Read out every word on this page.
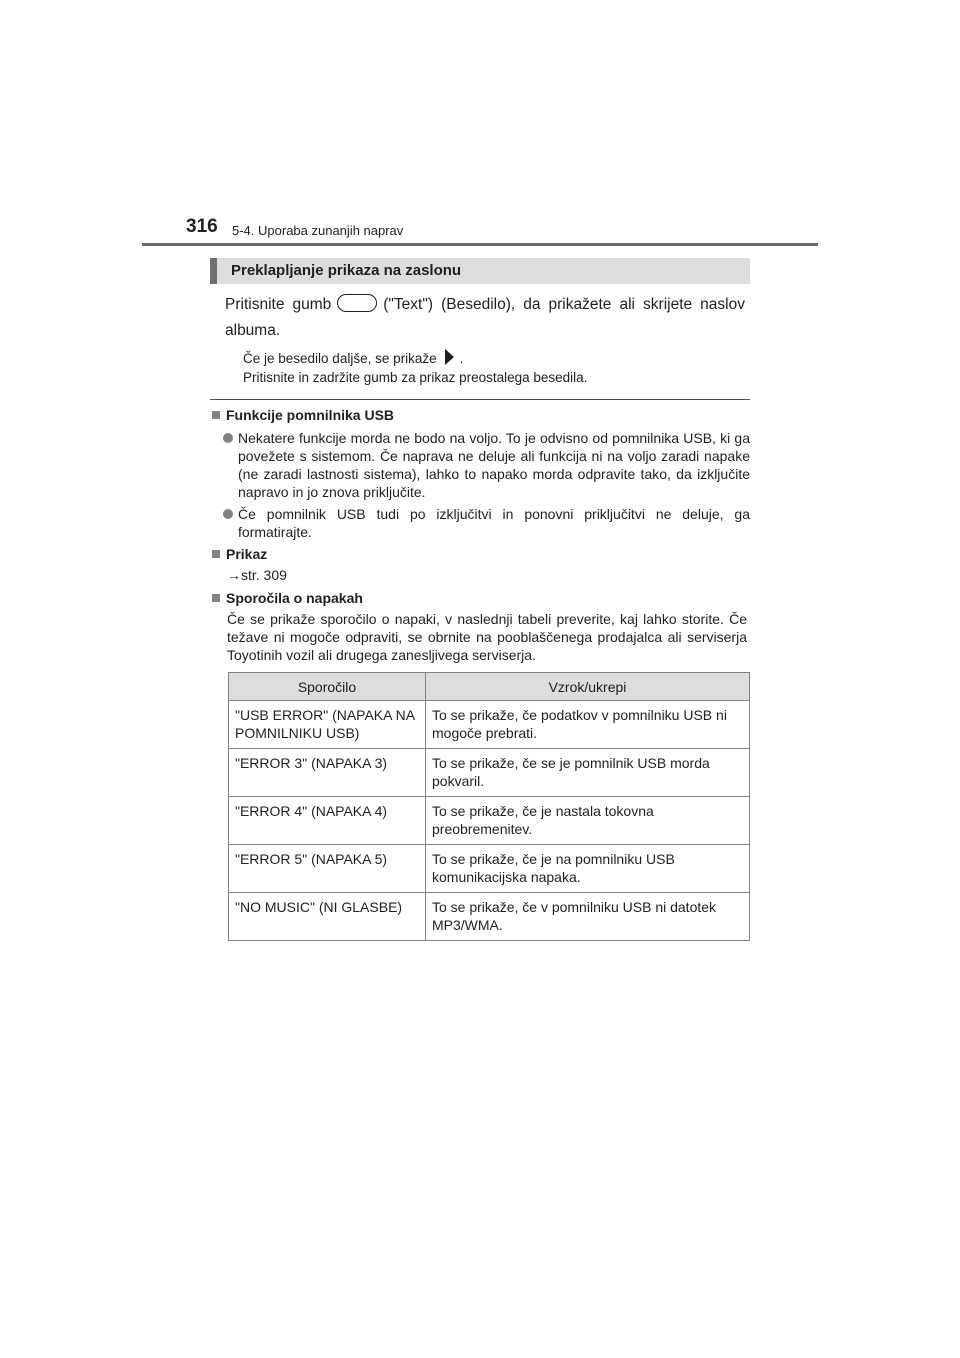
316 5-4. Uporaba zunanjih naprav
Preklapljanje prikaza na zaslonu
Pritisnite gumb	("Text") (Besedilo), da prikažete ali skrijete naslov albuma.
Če je besedilo daljše, se prikaže .
Pritisnite in zadržite gumb za prikaz preostalega besedila.
Funkcije pomnilnika USB
Nekatere funkcije morda ne bodo na voljo. To je odvisno od pomnilnika USB, ki ga povežete s sistemom. Če naprava ne deluje ali funkcija ni na voljo zaradi napake (ne zaradi lastnosti sistema), lahko to napako morda odpravite tako, da izključite napravo in jo znova priključite.
Če pomnilnik USB tudi po izključitvi in ponovni priključitvi ne deluje, ga formatirajte.
Prikaz
→str. 309
Sporočila o napakah
Če se prikaže sporočilo o napaki, v naslednji tabeli preverite, kaj lahko storite. Če težave ni mogoče odpraviti, se obrnite na pooblaščenega prodajalca ali serviserja Toyotinih vozil ali drugega zanesljivega serviserja.
Sporočilo	Vzrok/ukrepi
"USB ERROR" (NAPAKA NA POMNILNIKU USB)	To se prikaže, če podatkov v pomnilniku USB ni mogoče prebrati.
"ERROR 3" (NAPAKA 3)	To se prikaže, če se je pomnilnik USB morda pokvaril.
"ERROR 4" (NAPAKA 4)	To se prikaže, če je nastala tokovna preobremenitev.
"ERROR 5" (NAPAKA 5)	To se prikaže, če je na pomnilniku USB komunikacijska napaka.
"NO MUSIC" (NI GLASBE)	To se prikaže, če v pomnilniku USB ni datotek MP3/WMA.
